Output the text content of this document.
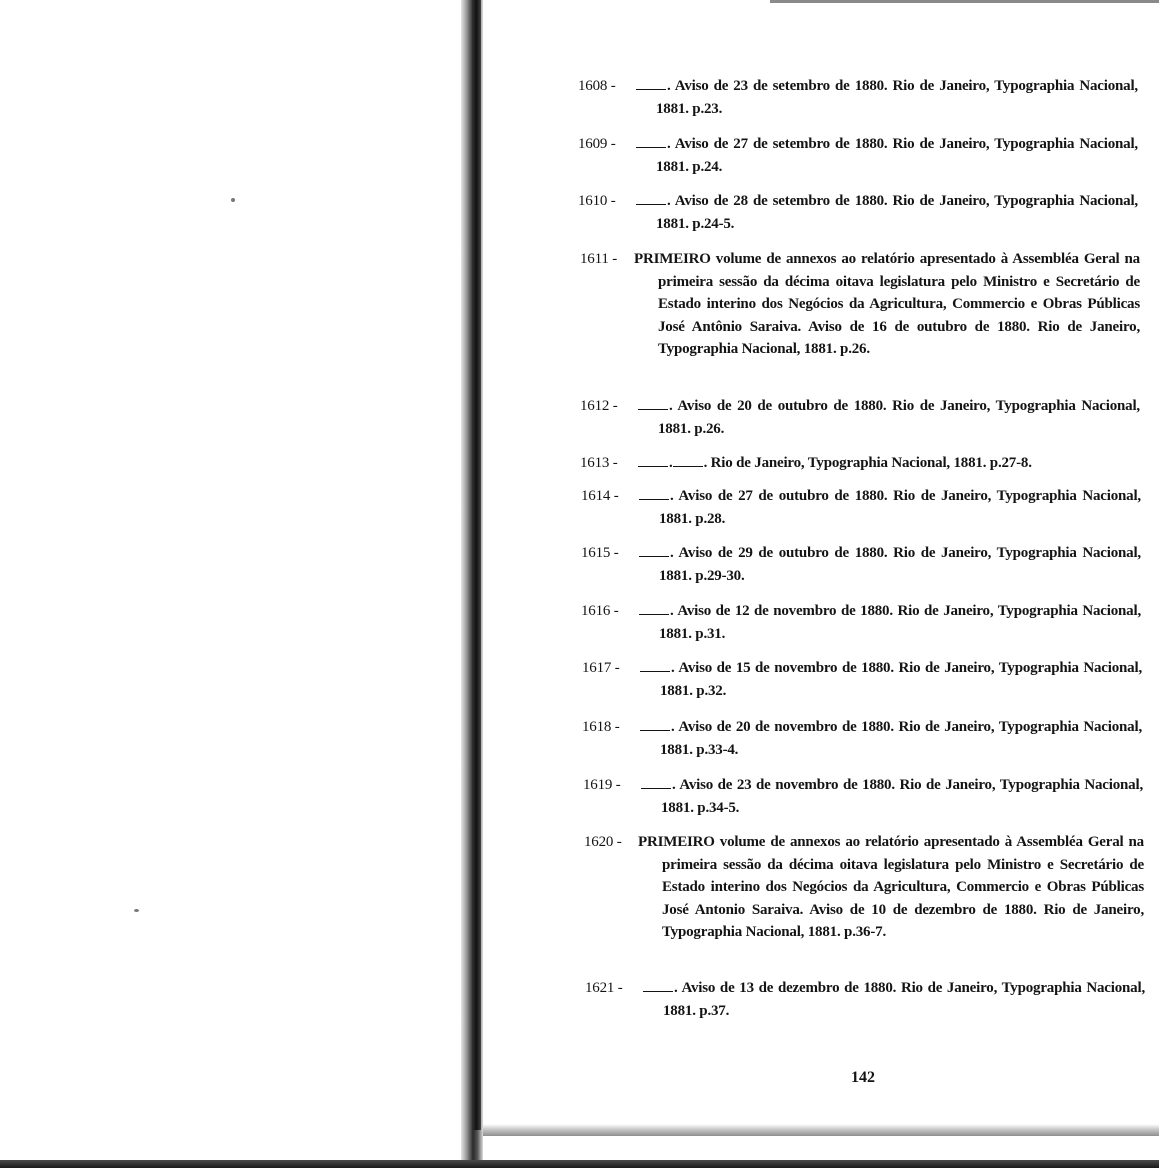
1608 -	. Aviso de 23 de setembro de 1880. Rio de Janeiro, Typographia Nacional, 1881. p.23.
1609 -	. Aviso de 27 de setembro de 1880. Rio de Janeiro, Typographia Nacional, 1881. p.24.
1610 -	. Aviso de 28 de setembro de 1880. Rio de Janeiro, Typographia Nacional, 1881. p.24-5.
1611 - PRIMEIRO volume de annexos ao relatório apresentado à Assembléa Geral na primeira sessão da décima oitava legislatura pelo Ministro e Secretário de Estado interino dos Negócios da Agricultura, Commercio e Obras Públicas José Antônio Saraiva. Aviso de 16 de outubro de 1880. Rio de Janeiro, Typographia Nacional, 1881. p.26.
1612 -	. Aviso de 20 de outubro de 1880. Rio de Janeiro, Typographia Nacional, 1881. p.26.
1613 -	. . Rio de Janeiro, Typographia Nacional, 1881. p.27-8.
1614 -	. Aviso de 27 de outubro de 1880. Rio de Janeiro, Typographia Nacional, 1881. p.28.
1615 -	. Aviso de 29 de outubro de 1880. Rio de Janeiro, Typographia Nacional, 1881. p.29-30.
1616 -	. Aviso de 12 de novembro de 1880. Rio de Janeiro, Typographia Nacional, 1881. p.31.
1617 -	. Aviso de 15 de novembro de 1880. Rio de Janeiro, Typographia Nacional, 1881. p.32.
1618 -	. Aviso de 20 de novembro de 1880. Rio de Janeiro, Typographia Nacional, 1881. p.33-4.
1619 -	. Aviso de 23 de novembro de 1880. Rio de Janeiro, Typographia Nacional, 1881. p.34-5.
1620 - PRIMEIRO volume de annexos ao relatório apresentado à Assembléa Geral na primeira sessão da décima oitava legislatura pelo Ministro e Secretário de Estado interino dos Negócios da Agricultura, Commercio e Obras Públicas José Antonio Saraiva. Aviso de 10 de dezembro de 1880. Rio de Janeiro, Typographia Nacional, 1881. p.36-7.
1621 -	. Aviso de 13 de dezembro de 1880. Rio de Janeiro, Typographia Nacional, 1881. p.37.
142
